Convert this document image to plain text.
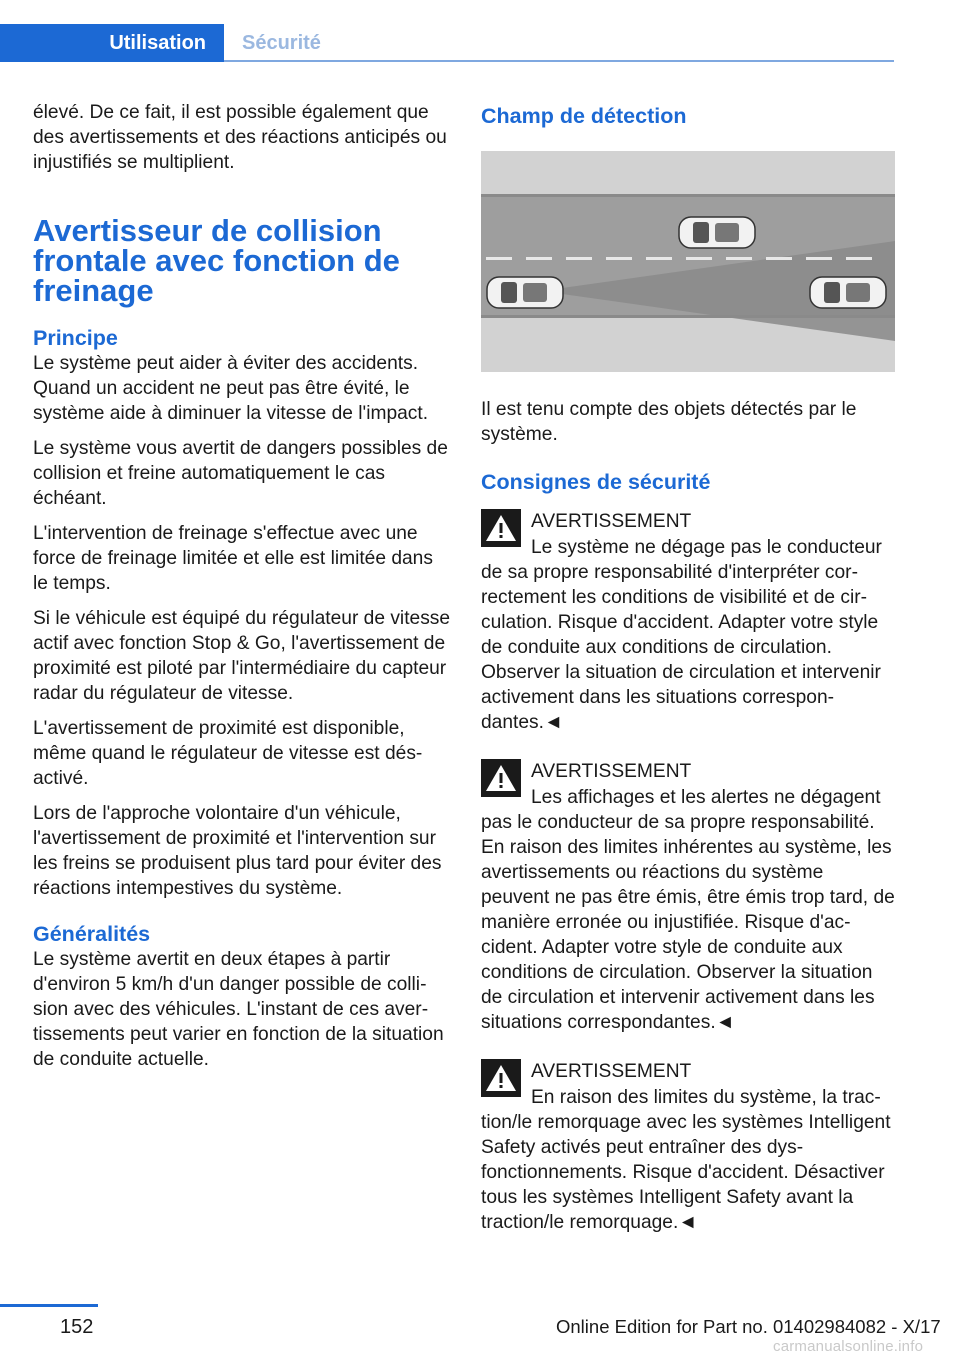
Utilisation	Sécurité

élevé. De ce fait, il est possible également que des avertissements et des réactions anticipés ou injustifiés se multiplient.

Avertisseur de collision frontale avec fonction de freinage
Principe

Le système peut aider à éviter des accidents. Quand un accident ne peut pas être évité, le système aide à diminuer la vitesse de l'impact.

Le système vous avertit de dangers possibles de collision et freine automatiquement le cas échéant.

L'intervention de freinage s'effectue avec une force de freinage limitée et elle est limitée dans le temps.

Si le véhicule est équipé du régulateur de vitesse actif avec fonction Stop & Go, l'avertissement de proximité est piloté par l'intermédiaire du capteur radar du régulateur de vitesse.

L'avertissement de proximité est disponible, même quand le régulateur de vitesse est désactivé.

Lors de l'approche volontaire d'un véhicule, l'avertissement de proximité et l'intervention sur les freins se produisent plus tard pour éviter des réactions intempestives du système.

Généralités

Le système avertit en deux étapes à partir d'environ 5 km/h d'un danger possible de collision avec des véhicules. L'instant de ces avertissements peut varier en fonction de la situation de conduite actuelle.

Champ de détection

Il est tenu compte des objets détectés par le système.

Consignes de sécurité
AVERTISSEMENT
Le système ne dégage pas le conducteur de sa propre responsabilité d'interpréter correctement les conditions de visibilité et de circulation. Risque d'accident. Adapter votre style de conduite aux conditions de circulation. Observer la situation de circulation et intervenir activement dans les situations correspondantes.◄
AVERTISSEMENT
Les affichages et les alertes ne dégagent pas le conducteur de sa propre responsabilité. En raison des limites inhérentes au système, les avertissements ou réactions du système peuvent ne pas être émis, être émis trop tard, de manière erronée ou injustifiée. Risque d'accident. Adapter votre style de conduite aux conditions de circulation. Observer la situation de circulation et intervenir activement dans les situations correspondantes.◄
AVERTISSEMENT
En raison des limites du système, la traction/le remorquage avec les systèmes Intelligent Safety activés peut entraîner des dysfonctionnements. Risque d'accident. Désactiver tous les systèmes Intelligent Safety avant la traction/le remorquage.◄
152	Online Edition for Part no. 01402984082 - X/17
carmanualsonline.info
